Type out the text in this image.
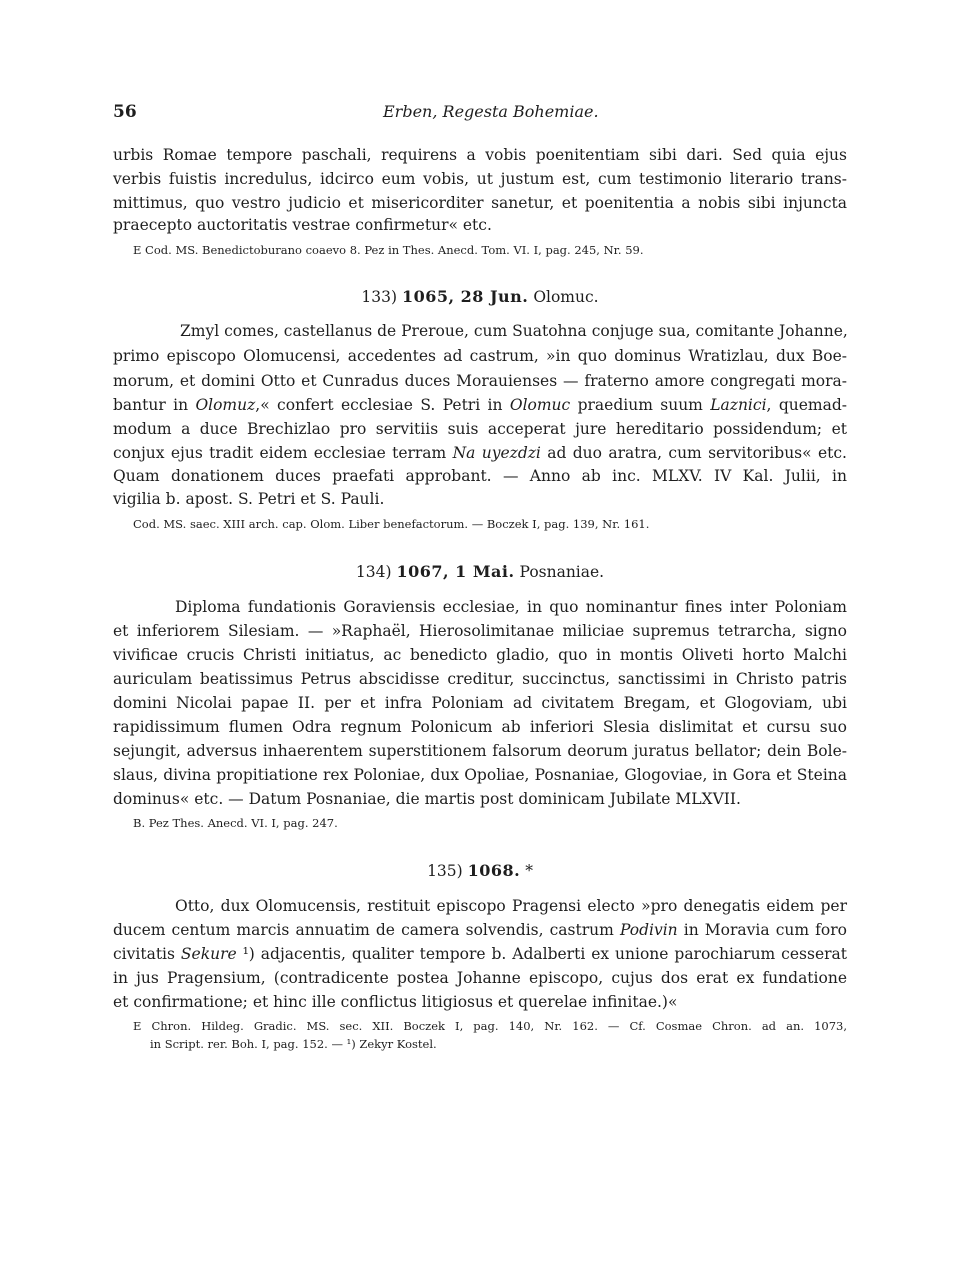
56	Erben, Regesta Bohemiae.
urbis Romae tempore paschali, requirens a vobis poenitentiam sibi dari. Sed quia ejus
verbis fuistis incredulus, idcirco eum vobis, ut justum est, cum testimonio literario trans-
mittimus, quo vestro judicio et misericorditer sanetur, et poenitentia a nobis sibi injuncta
praecepto auctoritatis vestrae confirmetur« etc.
E Cod. MS. Benedictoburano coaevo 8. Pez in Thes. Anecd. Tom. VI. I, pag. 245, Nr. 59.
133) 1065, 28 Jun. Olomuc.
Zmyl comes, castellanus de Preroue, cum Suatohna conjuge sua, comitante Johanne,
primo episcopo Olomucensi, accedentes ad castrum, »in quo dominus Wratizlau, dux Boe-
morum, et domini Otto et Cunradus duces Morauienses — fraterno amore congregati mora-
bantur in Olomuz,« confert ecclesiae S. Petri in Olomuc praedium suum Laznici, quemad-
modum a duce Brechizlao pro servitiis suis acceperat jure hereditario possidendum; et
conjux ejus tradit eidem ecclesiae terram Na uyezdzi ad duo aratra, cum servitoribus« etc.
Quam donationem duces praefati approbant. — Anno ab inc. MLXV. IV Kal. Julii, in
vigilia b. apost. S. Petri et S. Pauli.
Cod. MS. saec. XIII arch. cap. Olom. Liber benefactorum. — Boczek I, pag. 139, Nr. 161.
134) 1067, 1 Mai. Posnaniae.
Diploma fundationis Goraviensis ecclesiae, in quo nominantur fines inter Poloniam
et inferiorem Silesiam. — »Raphaël, Hierosolimitanae miliciae supremus tetrarcha, signo
vivificae crucis Christi initiatus, ac benedicto gladio, quo in montis Oliveti horto Malchi
auriculam beatissimus Petrus abscidisse creditur, succinctus, sanctissimi in Christo patris
domini Nicolai papae II. per et infra Poloniam ad civitatem Bregam, et Glogoviam, ubi
rapidissimum flumen Odra regnum Polonicum ab inferiori Slesia dislimitat et cursu suo
sejungit, adversus inhaerentem superstitionem falsorum deorum juratus bellator; dein Bole-
slaus, divina propitiatione rex Poloniae, dux Opoliae, Posnaniae, Glogoviae, in Gora et Steina
dominus« etc. — Datum Posnaniae, die martis post dominicam Jubilate MLXVII.
B. Pez Thes. Anecd. VI. I, pag. 247.
135) 1068. *
Otto, dux Olomucensis, restituit episcopo Pragensi electo »pro denegatis eidem per
ducem centum marcis annuatim de camera solvendis, castrum Podivin in Moravia cum foro
civitatis Sekure ¹) adjacentis, qualiter tempore b. Adalberti ex unione parochiarum cesserat
in jus Pragensium, (contradicente postea Johanne episcopo, cujus dos erat ex fundatione
et confirmatione; et hinc ille conflictus litigiosus et querelae infinitae.)«
E Chron. Hildeg. Gradic. MS. sec. XII. Boczek I, pag. 140, Nr. 162. — Cf. Cosmae Chron. ad an. 1073,
in Script. rer. Boh. I, pag. 152. — ¹) Zekyr Kostel.
